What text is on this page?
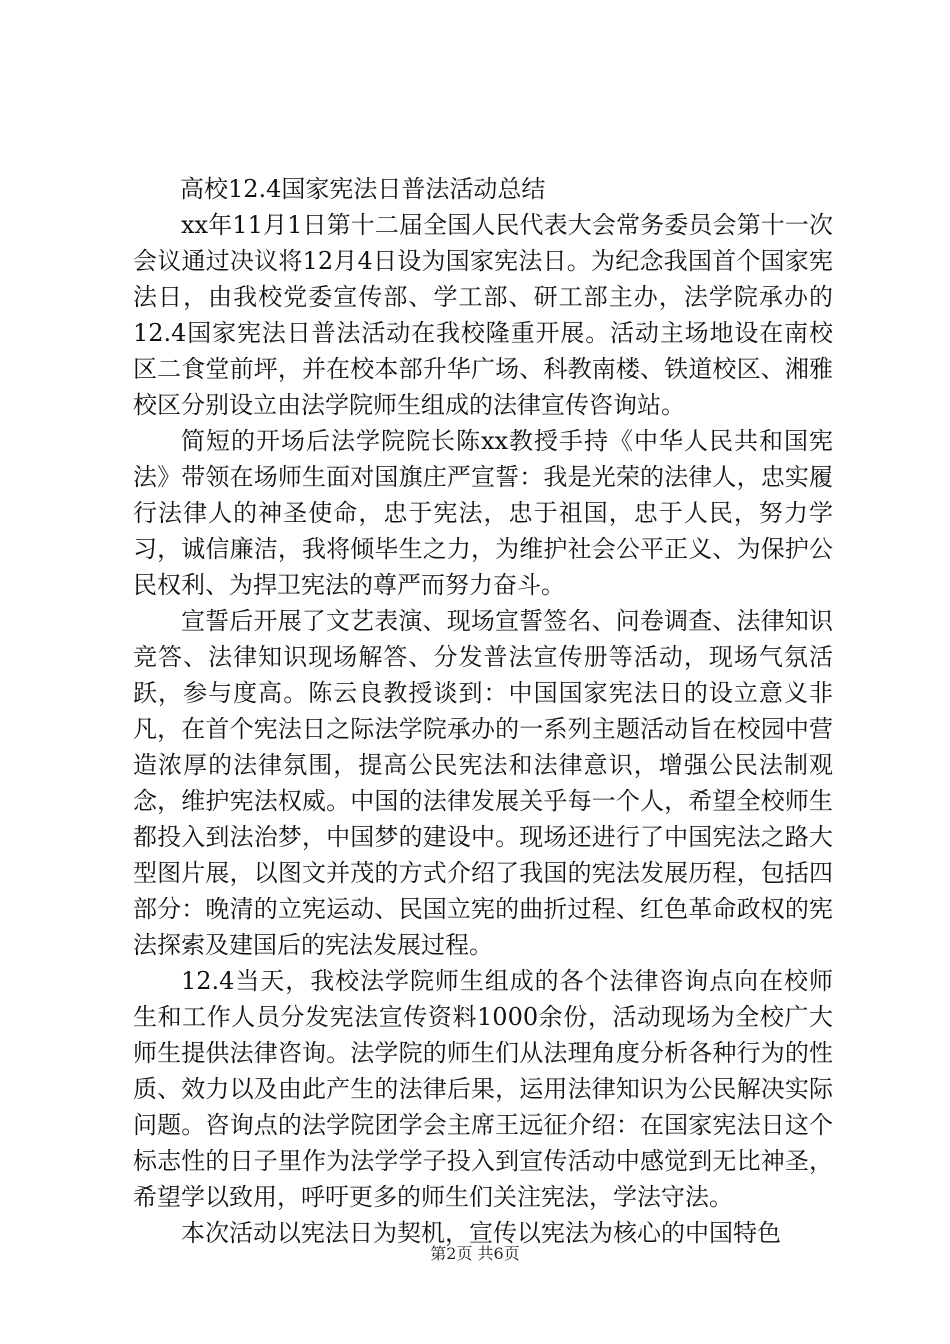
高校12.4国家宪法日普法活动总结

xx年11月1日第十二届全国人民代表大会常务委员会第十一次会议通过决议将12月4日设为国家宪法日。为纪念我国首个国家宪法日，由我校党委宣传部、学工部、研工部主办，法学院承办的12.4国家宪法日普法活动在我校隆重开展。活动主场地设在南校区二食堂前坪，并在校本部升华广场、科教南楼、铁道校区、湘雅校区分别设立由法学院师生组成的法律宣传咨询站。

简短的开场后法学院院长陈xx教授手持《中华人民共和国宪法》带领在场师生面对国旗庄严宣誓：我是光荣的法律人，忠实履行法律人的神圣使命，忠于宪法，忠于祖国，忠于人民，努力学习，诚信廉洁，我将倾毕生之力，为维护社会公平正义、为保护公民权利、为捍卫宪法的尊严而努力奋斗。

宣誓后开展了文艺表演、现场宣誓签名、问卷调查、法律知识竞答、法律知识现场解答、分发普法宣传册等活动，现场气氛活跃，参与度高。陈云良教授谈到：中国国家宪法日的设立意义非凡，在首个宪法日之际法学院承办的一系列主题活动旨在校园中营造浓厚的法律氛围，提高公民宪法和法律意识，增强公民法制观念，维护宪法权威。中国的法律发展关乎每一个人，希望全校师生都投入到法治梦，中国梦的建设中。现场还进行了中国宪法之路大型图片展，以图文并茂的方式介绍了我国的宪法发展历程，包括四部分：晚清的立宪运动、民国立宪的曲折过程、红色革命政权的宪法探索及建国后的宪法发展过程。

12.4当天，我校法学院师生组成的各个法律咨询点向在校师生和工作人员分发宪法宣传资料1000余份，活动现场为全校广大师生提供法律咨询。法学院的师生们从法理角度分析各种行为的性质、效力以及由此产生的法律后果，运用法律知识为公民解决实际问题。咨询点的法学院团学会主席王远征介绍：在国家宪法日这个标志性的日子里作为法学学子投入到宣传活动中感觉到无比神圣，希望学以致用，呼吁更多的师生们关注宪法，学法守法。

本次活动以宪法日为契机，宣传以宪法为核心的中国特色

第2页 共6页
